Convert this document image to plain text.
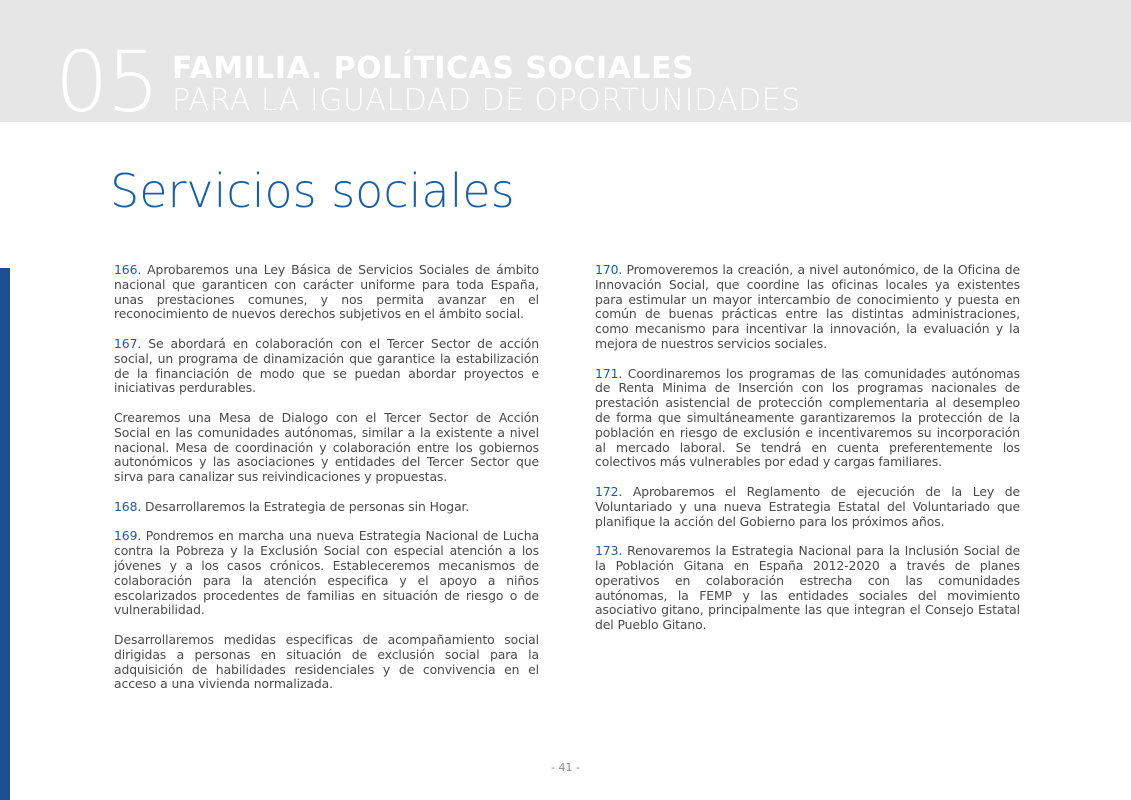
05 FAMILIA. POLÍTICAS SOCIALES
PARA LA IGUALDAD DE OPORTUNIDADES
Servicios sociales

166. Aprobaremos una Ley Básica de Servicios Sociales de ámbito nacional que garanticen con carácter uniforme para toda España, unas prestaciones comunes, y nos permita avanzar en el reconocimiento de nuevos derechos subjetivos en el ámbito social.

167. Se abordará en colaboración con el Tercer Sector de acción social, un programa de dinamización que garantice la estabilización de la financiación de modo que se puedan abordar proyectos e iniciativas perdurables.

Crearemos una Mesa de Dialogo con el Tercer Sector de Acción Social en las comunidades autónomas, similar a la existente a nivel nacional. Mesa de coordinación y colaboración entre los gobiernos autonómicos y las asociaciones y entidades del Tercer Sector que sirva para canalizar sus reivindicaciones y propuestas.

168. Desarrollaremos la Estrategia de personas sin Hogar.

169. Pondremos en marcha una nueva Estrategia Nacional de Lucha contra la Pobreza y la Exclusión Social con especial atención a los jóvenes y a los casos crónicos. Estableceremos mecanismos de colaboración para la atención especifica y el apoyo a niños escolarizados procedentes de familias en situación de riesgo o de vulnerabilidad.

Desarrollaremos medidas especificas de acompañamiento social dirigidas a personas en situación de exclusión social para la adquisición de habilidades residenciales y de convivencia en el acceso a una vivienda normalizada.

170. Promoveremos la creación, a nivel autonómico, de la Oficina de Innovación Social, que coordine las oficinas locales ya existentes para estimular un mayor intercambio de conocimiento y puesta en común de buenas prácticas entre las distintas administraciones, como mecanismo para incentivar la innovación, la evaluación y la mejora de nuestros servicios sociales.

171. Coordinaremos los programas de las comunidades autónomas de Renta Minima de Inserción con los programas nacionales de prestación asistencial de protección complementaria al desempleo de forma que simultáneamente garantizaremos la protección de la población en riesgo de exclusión e incentivaremos su incorporación al mercado laboral. Se tendrá en cuenta preferentemente los colectivos más vulnerables por edad y cargas familiares.

172. Aprobaremos el Reglamento de ejecución de la Ley de Voluntariado y una nueva Estrategia Estatal del Voluntariado que planifique la acción del Gobierno para los próximos años.

173. Renovaremos la Estrategia Nacional para la Inclusión Social de la Población Gitana en España 2012-2020 a través de planes operativos en colaboración estrecha con las comunidades autónomas, la FEMP y las entidades sociales del movimiento asociativo gitano, principalmente las que integran el Consejo Estatal del Pueblo Gitano.

- 41 -
